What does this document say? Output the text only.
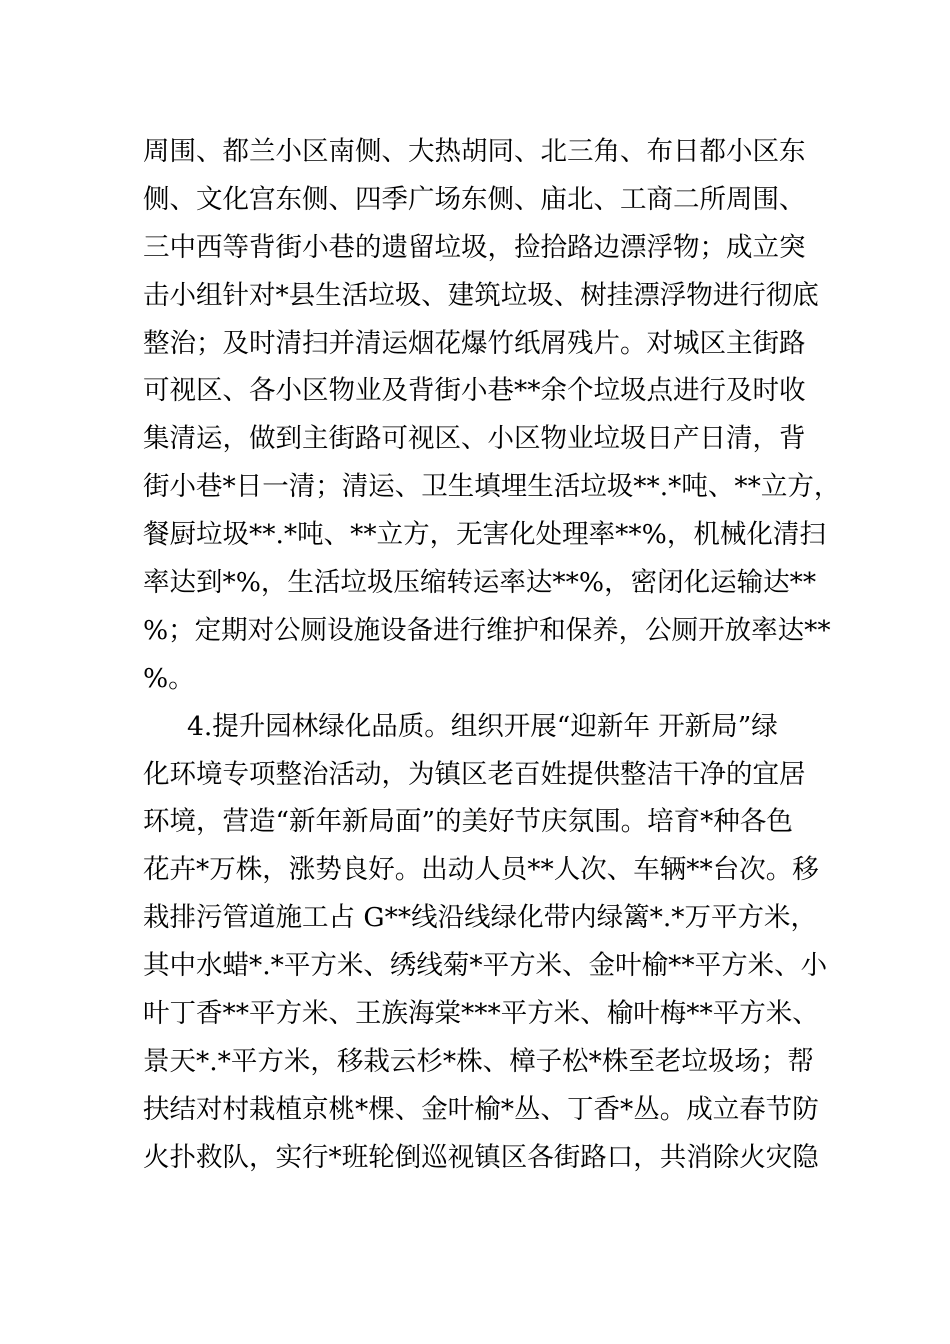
周围、都兰小区南侧、大热胡同、北三角、布日都小区东
侧、文化宫东侧、四季广场东侧、庙北、工商二所周围、
三中西等背街小巷的遗留垃圾，捡拾路边漂浮物；成立突
击小组针对*县生活垃圾、建筑垃圾、树挂漂浮物进行彻底
整治；及时清扫并清运烟花爆竹纸屑残片。对城区主街路
可视区、各小区物业及背街小巷**余个垃圾点进行及时收
集清运，做到主街路可视区、小区物业垃圾日产日清，背
街小巷*日一清；清运、卫生填埋生活垃圾**.*吨、**立方，
餐厨垃圾**.*吨、**立方，无害化处理率**%，机械化清扫
率达到*%，生活垃圾压缩转运率达**%，密闭化运输达**
%；定期对公厕设施设备进行维护和保养，公厕开放率达**
%。
4.提升园林绿化品质。组织开展“迎新年 开新局”绿
化环境专项整治活动，为镇区老百姓提供整洁干净的宜居
环境，营造“新年新局面”的美好节庆氛围。培育*种各色
花卉*万株，涨势良好。出动人员**人次、车辆**台次。移
栽排污管道施工占 G**线沿线绿化带内绿篱*.*万平方米，
其中水蜡*.*平方米、绣线菊*平方米、金叶榆**平方米、小
叶丁香**平方米、王族海棠***平方米、榆叶梅**平方米、
景天*.*平方米，移栽云杉*株、樟子松*株至老垃圾场；帮
扶结对村栽植京桃*棵、金叶榆*丛、丁香*丛。成立春节防
火扑救队，实行*班轮倒巡视镇区各街路口，共消除火灾隐
